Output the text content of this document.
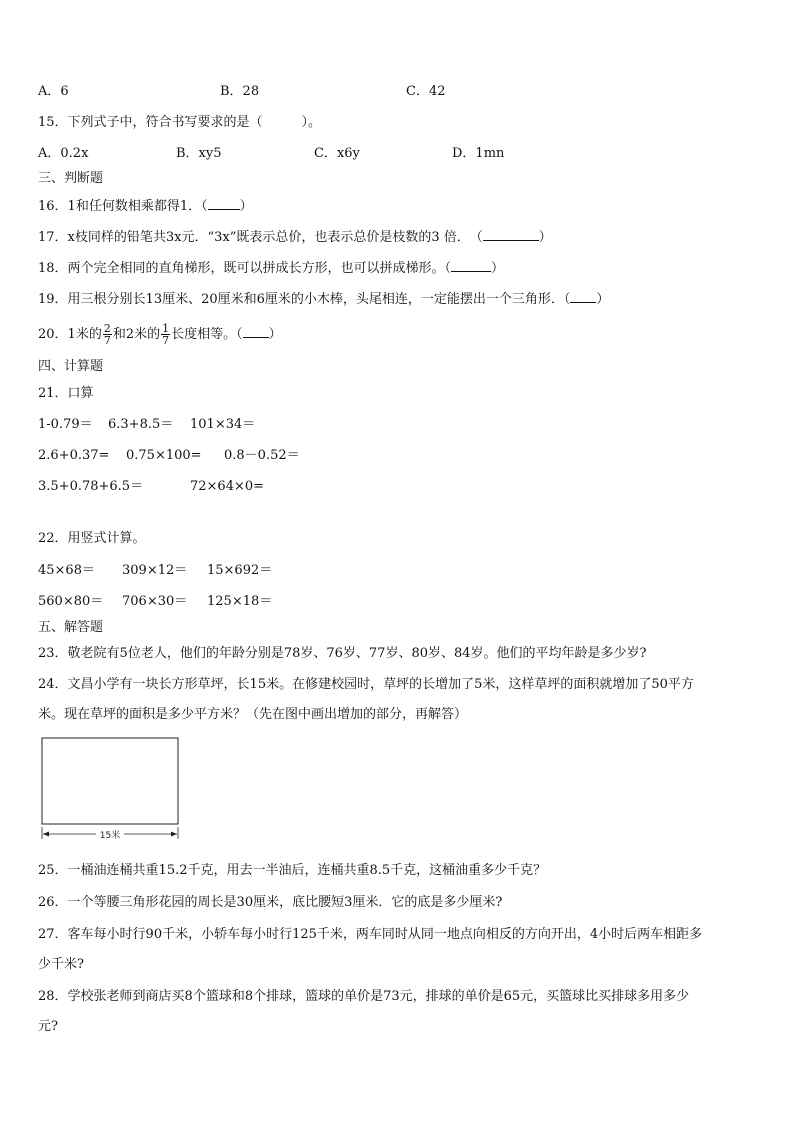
A．6	B．28	C．42
15．下列式子中，符合书写要求的是（　　　）。
A．0.2x	B．xy5	C．x6y	D．1mn
三、判断题
16．1和任何数相乘都得1．（ ）
17．x枝同样的铅笔共3x元．“3x”既表示总价，也表示总价是枝数的3 倍．　（	）
18．两个完全相同的直角梯形，既可以拼成长方形，也可以拼成梯形。（	）
19．用三根分别长13厘米、20厘米和6厘米的小木棒，头尾相连，一定能摆出一个三角形．（ ）
20．1米的 $\frac{2}{7}$ 和2米的 $\frac{1}{7}$ 长度相等。（ ）
四、计算题
21．口算
1-0.79＝ 6.3+8.5＝ 101×34＝
2.6+0.37= 0.75×100= 0.8－0.52＝
3.5+0.78+6.5＝	72×64×0=
22．用竖式计算。
45×68＝ 309×12＝ 15×692＝
560×80＝ 706×30＝ 125×18＝
五、解答题
23．敬老院有5位老人，他们的年龄分别是78岁、76岁、77岁、80岁、84岁。他们的平均年龄是多少岁?
24．文昌小学有一块长方形草坪，长15米。在修建校园时，草坪的长增加了5米，这样草坪的面积就增加了50平方
米。现在草坪的面积是多少平方米？（先在图中画出增加的部分，再解答）
15米
25．一桶油连桶共重15.2千克，用去一半油后，连桶共重8.5千克，这桶油重多少千克？
26．一个等腰三角形花园的周长是30厘米，底比腰短3厘米．它的底是多少厘米?
27．客车每小时行90千米，小轿车每小时行125千米，两车同时从同一地点向相反的方向开出，4小时后两车相距多
少千米?
28．学校张老师到商店买8个篮球和8个排球，篮球的单价是73元，排球的单价是65元，买篮球比买排球多用多少
元?
